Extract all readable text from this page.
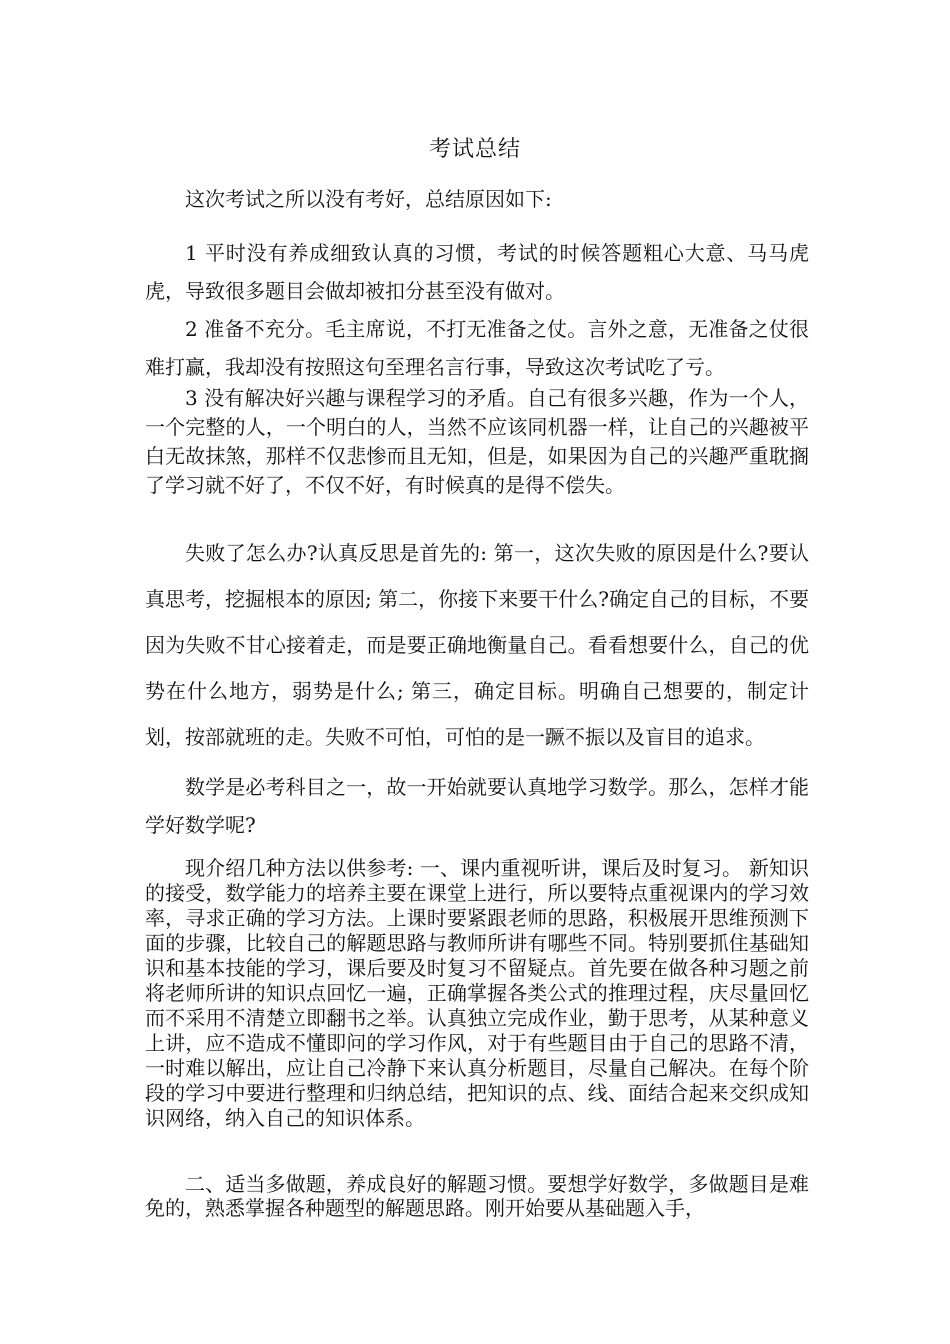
考试总结
这次考试之所以没有考好，总结原因如下:
1 平时没有养成细致认真的习惯，考试的时候答题粗心大意、马马虎虎，导致很多题目会做却被扣分甚至没有做对。
2 准备不充分。毛主席说，不打无准备之仗。言外之意，无准备之仗很难打赢，我却没有按照这句至理名言行事，导致这次考试吃了亏。
3 没有解决好兴趣与课程学习的矛盾。自己有很多兴趣，作为一个人，一个完整的人，一个明白的人，当然不应该同机器一样，让自己的兴趣被平白无故抹煞，那样不仅悲惨而且无知，但是，如果因为自己的兴趣严重耽搁了学习就不好了，不仅不好，有时候真的是得不偿失。
失败了怎么办?认真反思是首先的: 第一，这次失败的原因是什么?要认真思考，挖掘根本的原因; 第二，你接下来要干什么?确定自己的目标，不要因为失败不甘心接着走，而是要正确地衡量自己。看看想要什么，自己的优势在什么地方，弱势是什么; 第三，确定目标。明确自己想要的，制定计划，按部就班的走。失败不可怕，可怕的是一蹶不振以及盲目的追求。
数学是必考科目之一，故一开始就要认真地学习数学。那么，怎样才能学好数学呢?
现介绍几种方法以供参考: 一、课内重视听讲，课后及时复习。 新知识的接受，数学能力的培养主要在课堂上进行，所以要特点重视课内的学习效率，寻求正确的学习方法。上课时要紧跟老师的思路，积极展开思维预测下面的步骤，比较自己的解题思路与教师所讲有哪些不同。特别要抓住基础知识和基本技能的学习，课后要及时复习不留疑点。首先要在做各种习题之前将老师所讲的知识点回忆一遍，正确掌握各类公式的推理过程，庆尽量回忆而不采用不清楚立即翻书之举。认真独立完成作业，勤于思考，从某种意义上讲，应不造成不懂即问的学习作风，对于有些题目由于自己的思路不清，一时难以解出，应让自己冷静下来认真分析题目，尽量自己解决。在每个阶段的学习中要进行整理和归纳总结，把知识的点、线、面结合起来交织成知识网络，纳入自己的知识体系。
二、适当多做题，养成良好的解题习惯。要想学好数学，多做题目是难免的，熟悉掌握各种题型的解题思路。刚开始要从基础题入手，
